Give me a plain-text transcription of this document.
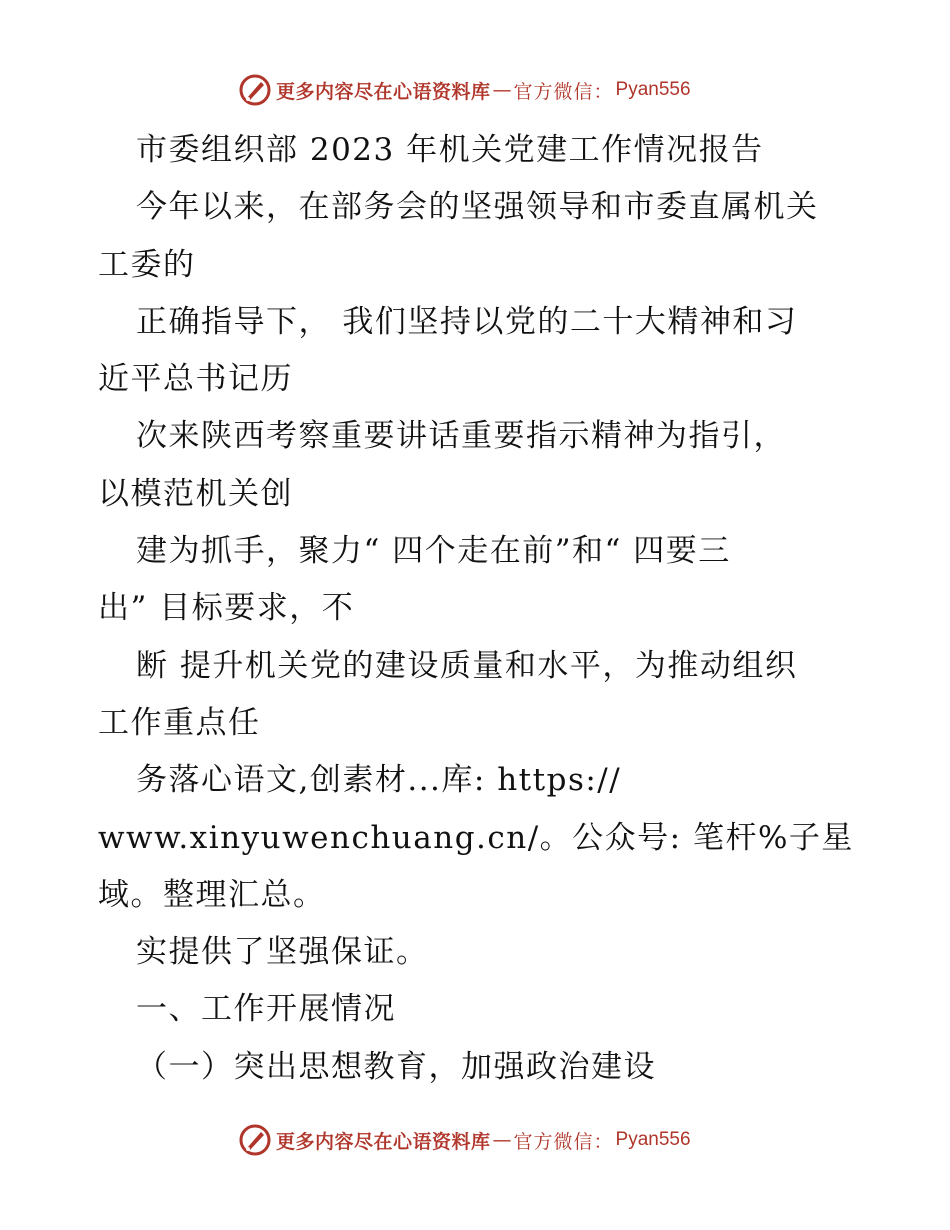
更多内容尽在心语资料库 — 官方微信： Pyan556
市委组织部 2023 年机关党建工作情况报告
今年以来，在部务会的坚强领导和市委直属机关
工委的
正确指导下， 我们坚持以党的二十大精神和习
近平总书记历
次来陕西考察重要讲话重要指示精神为指引，
以模范机关创
建为抓手，聚力“ 四个走在前”和“ 四要三
出” 目标要求，不
断 提升机关党的建设质量和水平，为推动组织
工作重点任
务落心语文,创素材...库: https://
www.xinyuwenchuang.cn/。公众号: 笔杆%子星
域。整理汇总。
实提供了坚强保证。
一、工作开展情况
（一）突出思想教育，加强政治建设
更多内容尽在心语资料库 — 官方微信： Pyan556
